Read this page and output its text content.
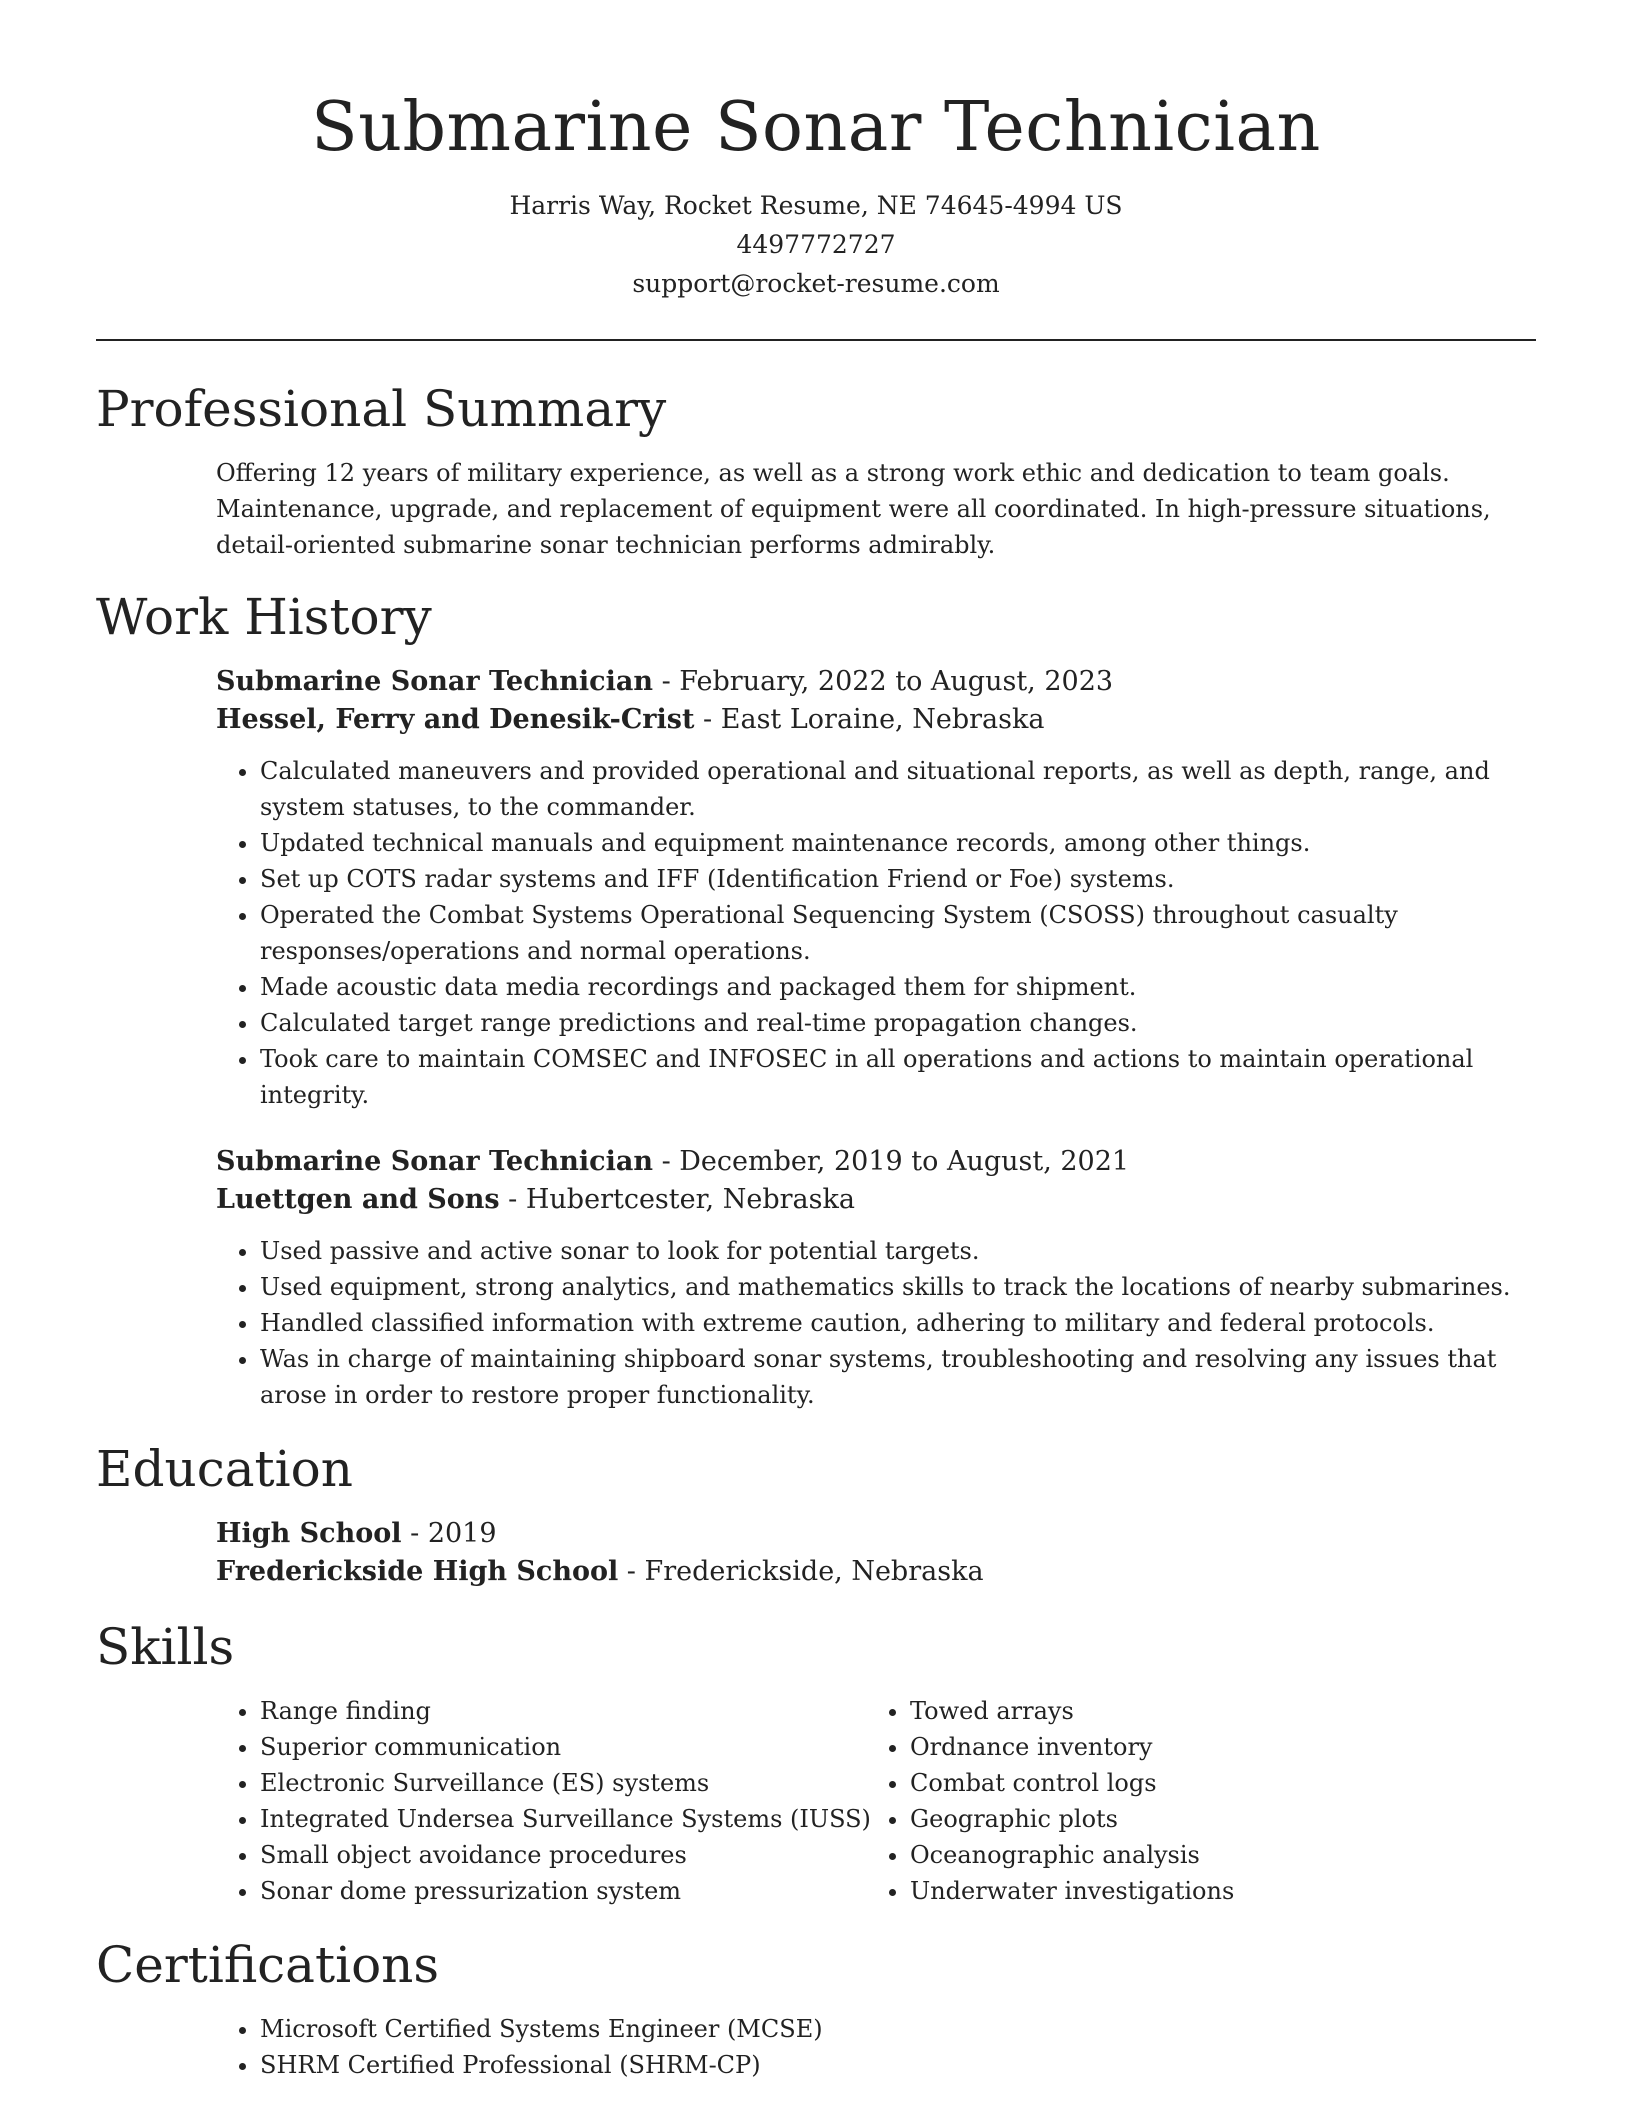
Submarine Sonar Technician
Harris Way, Rocket Resume, NE 74645-4994 US
4497772727
support@rocket-resume.com
Professional Summary
Offering 12 years of military experience, as well as a strong work ethic and dedication to team goals. Maintenance, upgrade, and replacement of equipment were all coordinated. In high-pressure situations, detail-oriented submarine sonar technician performs admirably.
Work History
Submarine Sonar Technician - February, 2022 to August, 2023
Hessel, Ferry and Denesik-Crist - East Loraine, Nebraska
• Calculated maneuvers and provided operational and situational reports, as well as depth, range, and system statuses, to the commander.
• Updated technical manuals and equipment maintenance records, among other things.
• Set up COTS radar systems and IFF (Identification Friend or Foe) systems.
• Operated the Combat Systems Operational Sequencing System (CSOSS) throughout casualty responses/operations and normal operations.
• Made acoustic data media recordings and packaged them for shipment.
• Calculated target range predictions and real-time propagation changes.
• Took care to maintain COMSEC and INFOSEC in all operations and actions to maintain operational integrity.
Submarine Sonar Technician - December, 2019 to August, 2021
Luettgen and Sons - Hubertcester, Nebraska
• Used passive and active sonar to look for potential targets.
• Used equipment, strong analytics, and mathematics skills to track the locations of nearby submarines.
• Handled classified information with extreme caution, adhering to military and federal protocols.
• Was in charge of maintaining shipboard sonar systems, troubleshooting and resolving any issues that arose in order to restore proper functionality.
Education
High School - 2019
Frederickside High School - Frederickside, Nebraska
Skills
• Range finding
• Superior communication
• Electronic Surveillance (ES) systems
• Integrated Undersea Surveillance Systems (IUSS)
• Small object avoidance procedures
• Sonar dome pressurization system
• Towed arrays
• Ordnance inventory
• Combat control logs
• Geographic plots
• Oceanographic analysis
• Underwater investigations
Certifications
• Microsoft Certified Systems Engineer (MCSE)
• SHRM Certified Professional (SHRM-CP)
